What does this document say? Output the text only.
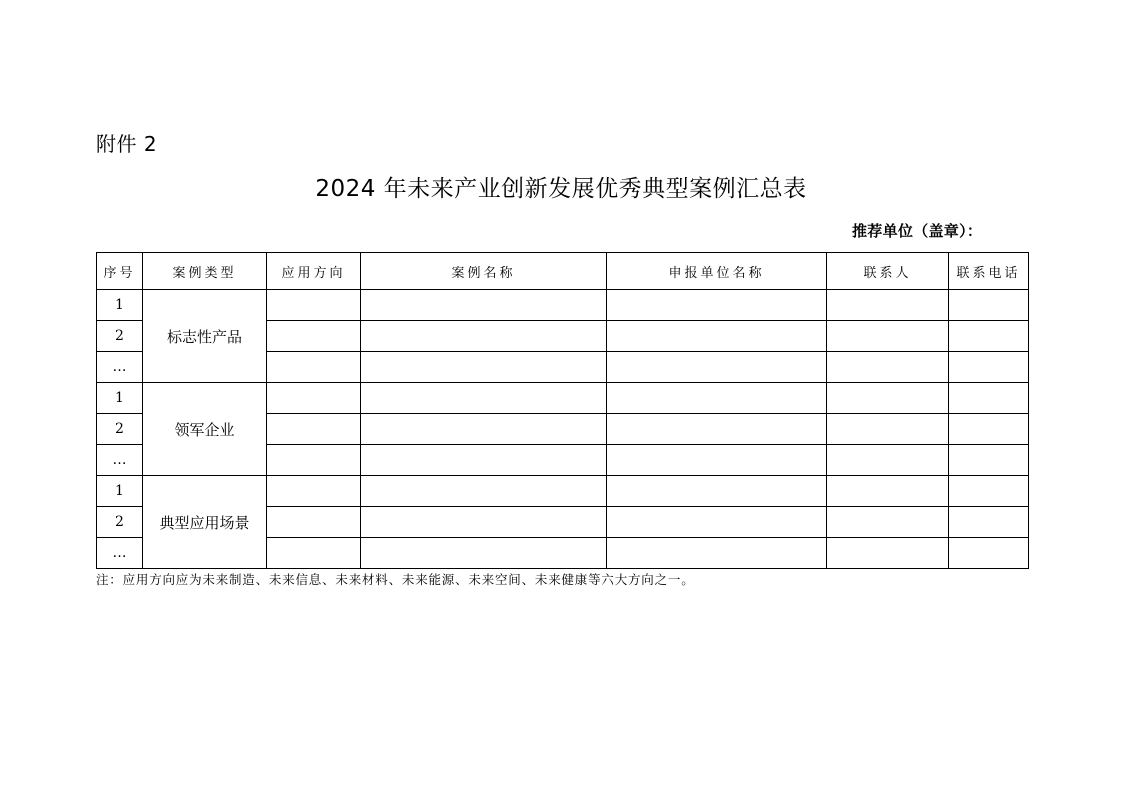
附件 2
2024 年未来产业创新发展优秀典型案例汇总表
推荐单位（盖章）：
序号	案例类型	应用方向	案例名称	申报单位名称	联系人	联系电话
1	标志性产品					
2						
…						
1	领军企业					
2						
…						
1	典型应用场景					
2						
…						
注：应用方向应为未来制造、未来信息、未来材料、未来能源、未来空间、未来健康等六大方向之一。
